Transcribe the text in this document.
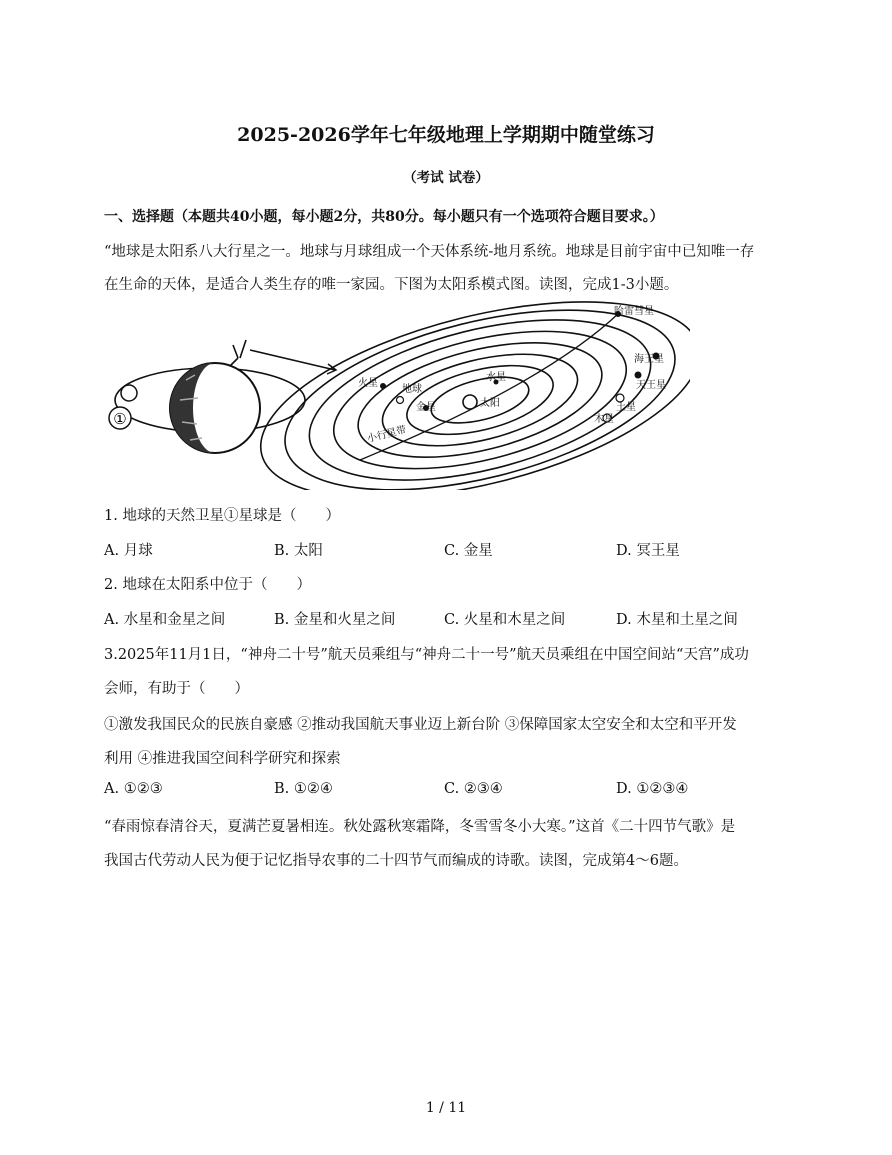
2025-2026学年七年级地理上学期期中随堂练习
（考试 试卷）
一、选择题（本题共40小题，每小题2分，共80分。每小题只有一个选项符合题目要求。）
“地球是太阳系八大行星之一。地球与月球组成一个天体系统-地月系统。地球是目前宇宙中已知唯一存
在生命的天体，是适合人类生存的唯一家园。下图为太阳系模式图。读图，完成1-3小题。
①
哈雷彗星
海王星
天王星
土星
木星
火星
地球
金星
水星
太阳
小行星带
1. 地球的天然卫星①星球是（　　）
A. 月球	B. 太阳	C. 金星	D. 冥王星
2. 地球在太阳系中位于（　　）
A. 水星和金星之间	B. 金星和火星之间	C. 火星和木星之间	D. 木星和土星之间
3.2025年11月1日，“神舟二十号”航天员乘组与“神舟二十一号”航天员乘组在中国空间站“天宫”成功
会师，有助于（　　）
①激发我国民众的民族自豪感 ②推动我国航天事业迈上新台阶 ③保障国家太空安全和太空和平开发
利用 ④推进我国空间科学研究和探索
A. ①②③	B. ①②④	C. ②③④	D. ①②③④
“春雨惊春清谷天，夏满芒夏暑相连。秋处露秋寒霜降，冬雪雪冬小大寒。”这首《二十四节气歌》是
我国古代劳动人民为便于记忆指导农事的二十四节气而编成的诗歌。读图，完成第4～6题。
1 / 11
